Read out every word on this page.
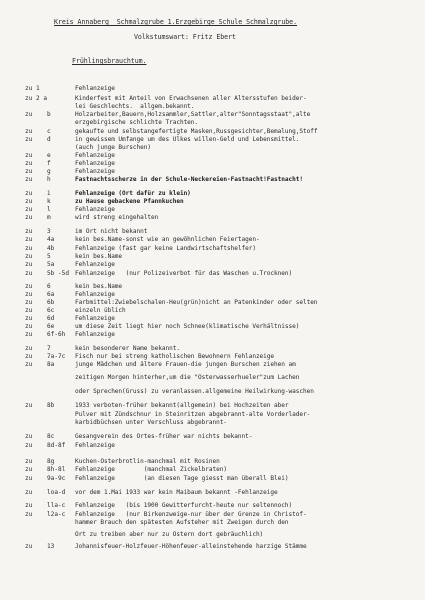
Kreis Annaberg  Schmalzgrube 1.Erzgebirge Schule Schmalzgrube.
Volkstumswart: Fritz Ebert
Frühlingsbrauchtum.
zu 1	Fehlanzeige
zu 2 a	Kinderfest mit Anteil von Erwachsenen aller Altersstufen beider-
lei Geschlechts.  allgem.bekannt.
zu    b	Holzarbeiter,Bauern,Holzsammler,Sattler,alter"Sonntagsstaat",alte
erzgebirgische schlichte Trachten.
zu    c	gekaufte und selbstangefertigte Masken,Russgesichter,Bemalung,Stoff
zu    d	in gewissem Umfange um des Ulkes willen-Geld und Lebensmittel.
(auch junge Burschen)
zu    e	Fehlanzeige
zu    f	Fehlanzeige
zu    g	Fehlanzeige
zu    h	Fastnachtsscherze in der Schule-Neckereien-Fastnacht!Fastnacht!
zu    i	Fehlanzeige (Ort dafür zu klein)
zu    k	zu Hause gebackene Pfannkuchen
zu    l	Fehlanzeige
zu    m	wird streng eingehalten
zu    3	im Ort nicht bekannt
zu    4a	kein bes.Name-sonst wie an gewöhnlichen Feiertagen-
zu    4b	Fehlanzeige (fast gar keine Landwirtschaftshelfer)
zu    5	kein bes.Name
zu    5a	Fehlanzeige
zu    5b -5d Fehlanzeige   (nur Polizeiverbot für das Waschen u.Trocknen)
zu    6	kein bes.Name
zu    6a	Fehlanzeige
zu    6b	Farbmittel:Zwiebelschalen-Heu(grün)nicht an Patenkinder oder selten
zu    6c	einzeln üblich
zu    6d	Fehlanzeige
zu    6e	um diese Zeit liegt hier noch Schnee(klimatische Verhältnisse)
zu    6f-6h Fehlanzeige
zu    7	kein besonderer Name bekannt.
zu    7a-7c Fisch nur bei streng katholischen Bewohnern Fehlanzeige
zu    8a	junge Mädchen und ältere Frauen-die jungen Burschen ziehen am
zeitigen Morgen hinterher,um die "Osterwasserhueler"zum Lachen
oder Sprechen(Gruss) zu veranlassen.allgemeine Heilwirkung-waschen
zu    8b	1933 verboten-früher bekannt(allgemein) bei Hochzeiten aber
Pulver mit Zündschnur in Steinritzen abgebrannt-alte Vorderlader-
karbidbüchsen unter Verschluss abgebrannt-
zu    8c	Gesangverein des Ortes-früher war nichts bekannt-
zu    8d-8f Fehlanzeige
zu    8g	Kuchen-Osterbrotlin-manchmal mit Rosinen
zu    8h-8l Fehlanzeige        (manchmal Zickelbraten)
zu    9a-9c Fehlanzeige        (an diesen Tage giesst man überall Blei)
zu    loa-d vor dem 1.Mai 1933 war kein Maibaum bekannt -Fehlanzeige
zu    lla-c Fehlanzeige   (bis 1900 Gewitterfurcht-heute nur seltennoch)
zu    l2a-c Fehlanzeige   (nur Birkenzweige-nur über der Grenze in Christof-
hammer Brauch den spätesten Aufsteher mit Zweigen durch den
Ort zu treiben aber nur zu Ostern dort gebräuchlich)
zu    13	Johannisfeuer-Holzfeuer-Höhenfeuer-alleinstehende harzige Stämme
